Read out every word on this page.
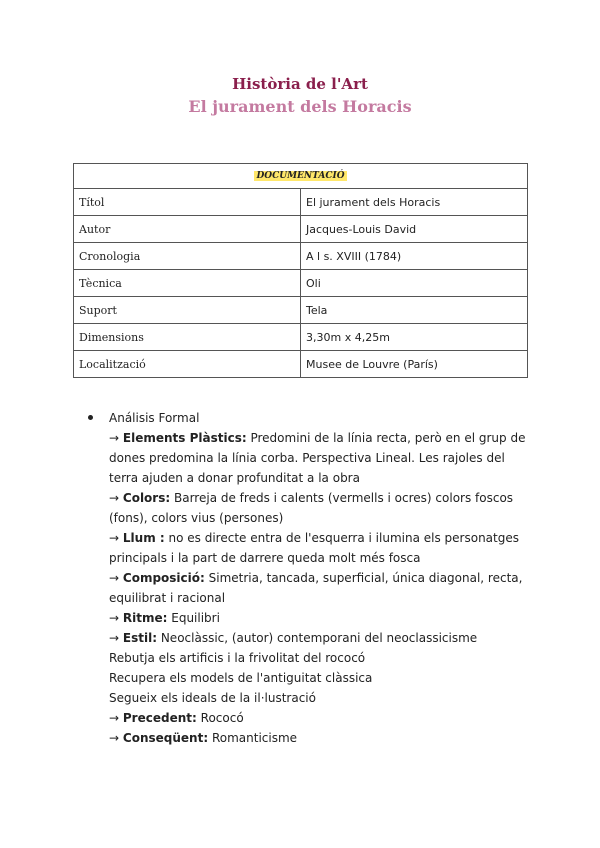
Història de l'Art
El jurament dels Horacis
DOCUMENTACIÓ	
Títol	El jurament dels Horacis
Autor	Jacques-Louis David
Cronologia	A l s. XVIII (1784)
Tècnica	Oli
Suport	Tela
Dimensions	3,30m x 4,25m
Localització	Musee de Louvre (París)
Análisis Formal

→ Elements Plàstics: Predomini de la línia recta, però en el grup de dones predomina la línia corba. Perspectiva Lineal. Les rajoles del terra ajuden a donar profunditat a la obra

→ Colors: Barreja de freds i calents (vermells i ocres) colors foscos (fons), colors vius (persones)

→ Llum : no es directe entra de l'esquerra i ilumina els personatges principals i la part de darrere queda molt més fosca

→ Composició: Simetria, tancada, superficial, única diagonal, recta, equilibrat i racional

→ Ritme: Equilibri

→ Estil: Neoclàssic, (autor) contemporani del neoclassicisme

Rebutja els artificis i la frivolitat del rococó

Recupera els models de l'antiguitat clàssica

Segueix els ideals de la il·lustració

→ Precedent: Rococó

→ Conseqüent: Romanticisme
